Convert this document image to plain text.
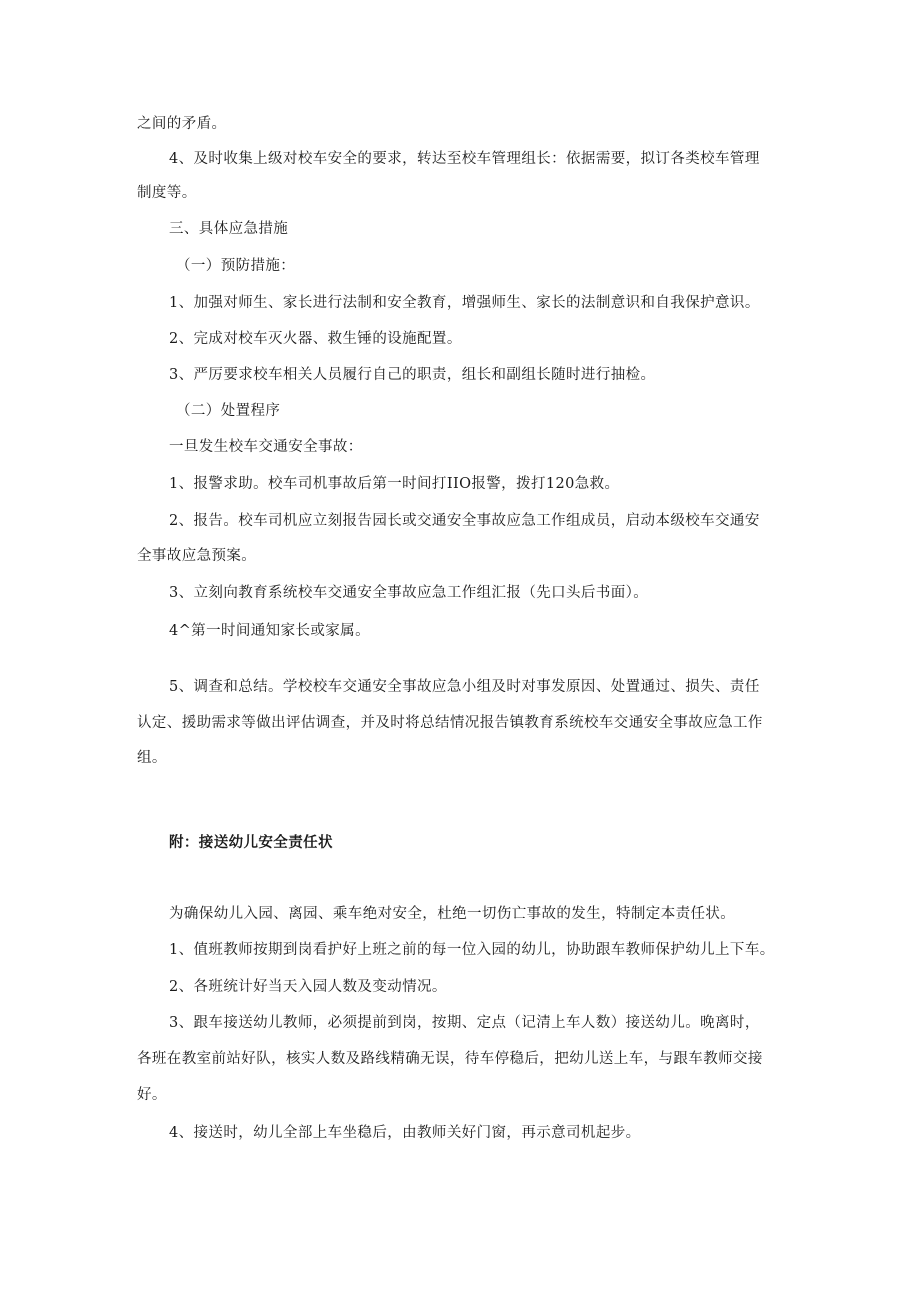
之间的矛盾。
4、及时收集上级对校车安全的要求，转达至校车管理组长：依据需要，拟订各类校车管理
制度等。
三、具体应急措施
（一）预防措施：
1、加强对师生、家长进行法制和安全教育，增强师生、家长的法制意识和自我保护意识。
2、完成对校车灭火器、救生锤的设施配置。
3、严厉要求校车相关人员履行自己的职责，组长和副组长随时进行抽检。
（二）处置程序
一旦发生校车交通安全事故：
1、报警求助。校车司机事故后第一时间打IIO报警，拨打120急救。
2、报告。校车司机应立刻报告园长或交通安全事故应急工作组成员，启动本级校车交通安
全事故应急预案。
3、立刻向教育系统校车交通安全事故应急工作组汇报（先口头后书面）。
4^第一时间通知家长或家属。
5、调查和总结。学校校车交通安全事故应急小组及时对事发原因、处置通过、损失、责任
认定、援助需求等做出评估调查，并及时将总结情况报告镇教育系统校车交通安全事故应急工作
组。
附：接送幼儿安全责任状
为确保幼儿入园、离园、乘车绝对安全，杜绝一切伤亡事故的发生，特制定本责任状。
1、值班教师按期到岗看护好上班之前的每一位入园的幼儿，协助跟车教师保护幼儿上下车。
2、各班统计好当天入园人数及变动情况。
3、跟车接送幼儿教师，必须提前到岗，按期、定点（记清上车人数）接送幼儿。晚离时，
各班在教室前站好队，核实人数及路线精确无误，待车停稳后，把幼儿送上车，与跟车教师交接
好。
4、接送时，幼儿全部上车坐稳后，由教师关好门窗，再示意司机起步。
